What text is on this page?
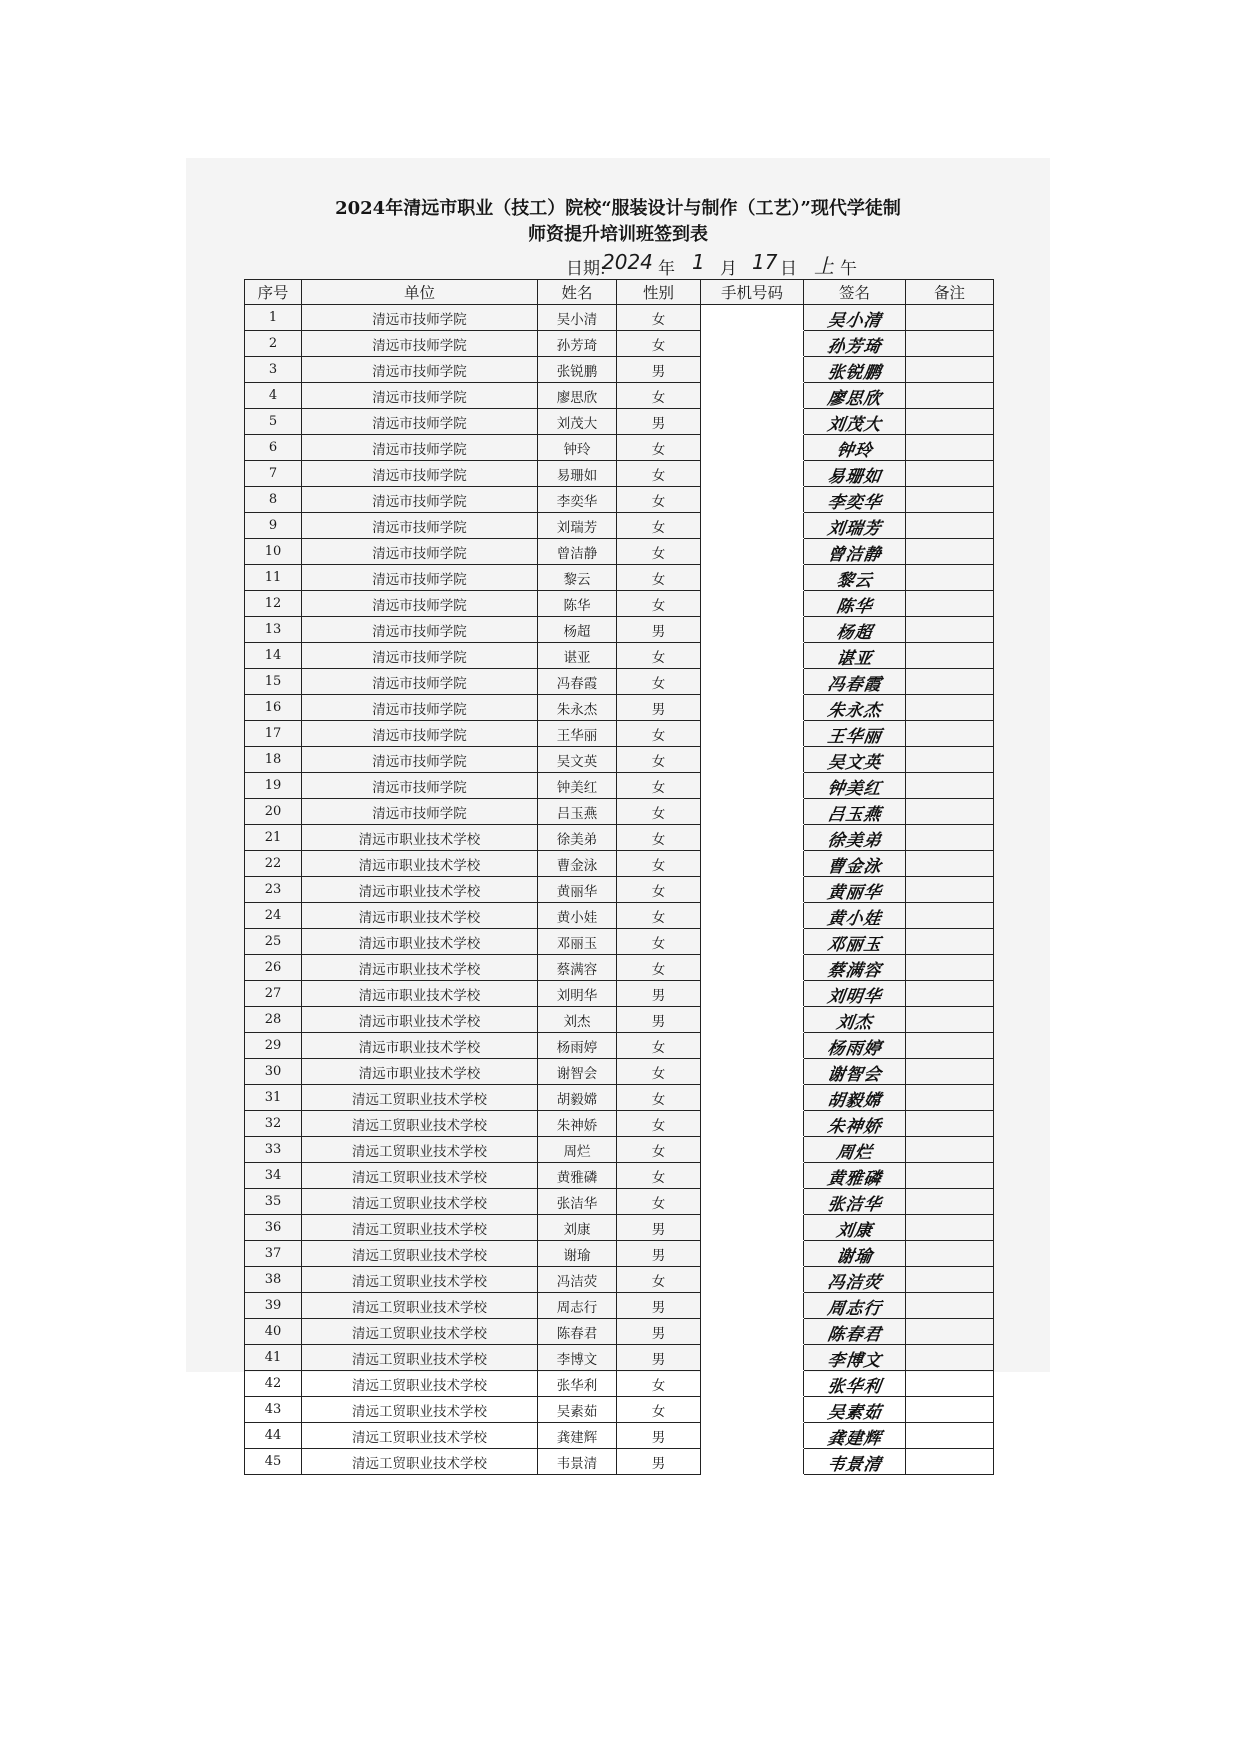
2024年清远市职业（技工）院校“服装设计与制作（工艺）”现代学徒制
师资提升培训班签到表
日期:
2024 年 1 月 17 日 上 午
序号	单位	姓名	性别	手机号码	签名	备注
1	清远市技师学院	吴小清	女		吴小清	
2	清远市技师学院	孙芳琦	女		孙芳琦	
3	清远市技师学院	张锐鹏	男		张锐鹏	
4	清远市技师学院	廖思欣	女		廖思欣	
5	清远市技师学院	刘茂大	男		刘茂大	
6	清远市技师学院	钟玲	女		钟玲	
7	清远市技师学院	易珊如	女		易珊如	
8	清远市技师学院	李奕华	女		李奕华	
9	清远市技师学院	刘瑞芳	女		刘瑞芳	
10	清远市技师学院	曾洁静	女		曾洁静	
11	清远市技师学院	黎云	女		黎云	
12	清远市技师学院	陈华	女		陈华	
13	清远市技师学院	杨超	男		杨超	
14	清远市技师学院	谌亚	女		谌亚	
15	清远市技师学院	冯春霞	女		冯春霞	
16	清远市技师学院	朱永杰	男		朱永杰	
17	清远市技师学院	王华丽	女		王华丽	
18	清远市技师学院	吴文英	女		吴文英	
19	清远市技师学院	钟美红	女		钟美红	
20	清远市技师学院	吕玉燕	女		吕玉燕	
21	清远市职业技术学校	徐美弟	女		徐美弟	
22	清远市职业技术学校	曹金泳	女		曹金泳	
23	清远市职业技术学校	黄丽华	女		黄丽华	
24	清远市职业技术学校	黄小娃	女		黄小娃	
25	清远市职业技术学校	邓丽玉	女		邓丽玉	
26	清远市职业技术学校	蔡满容	女		蔡满容	
27	清远市职业技术学校	刘明华	男		刘明华	
28	清远市职业技术学校	刘杰	男		刘杰	
29	清远市职业技术学校	杨雨婷	女		杨雨婷	
30	清远市职业技术学校	谢智会	女		谢智会	
31	清远工贸职业技术学校	胡毅嫦	女		胡毅嫦	
32	清远工贸职业技术学校	朱神娇	女		朱神娇	
33	清远工贸职业技术学校	周烂	女		周烂	
34	清远工贸职业技术学校	黄雅磷	女		黄雅磷	
35	清远工贸职业技术学校	张洁华	女		张洁华	
36	清远工贸职业技术学校	刘康	男		刘康	
37	清远工贸职业技术学校	谢瑜	男		谢瑜	
38	清远工贸职业技术学校	冯洁荧	女		冯洁荧	
39	清远工贸职业技术学校	周志行	男		周志行	
40	清远工贸职业技术学校	陈春君	男		陈春君	
41	清远工贸职业技术学校	李博文	男		李博文	
42	清远工贸职业技术学校	张华利	女		张华利	
43	清远工贸职业技术学校	吴素茹	女		吴素茹	
44	清远工贸职业技术学校	龚建辉	男		龚建辉	
45	清远工贸职业技术学校	韦景清	男		韦景清	
